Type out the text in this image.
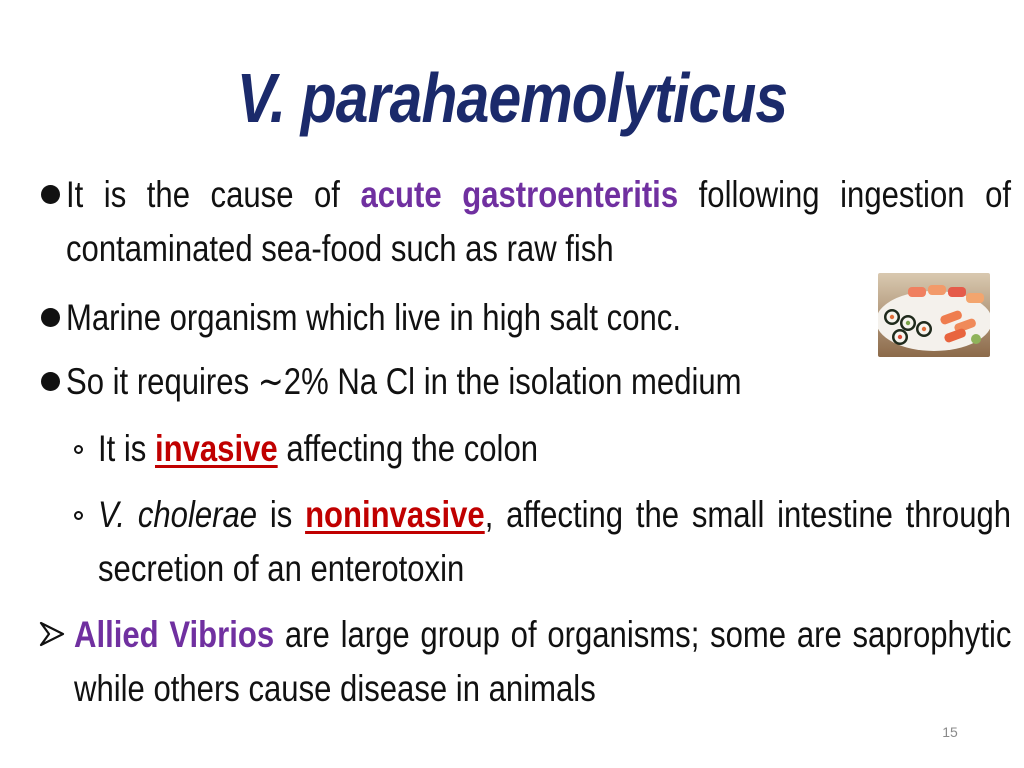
V. parahaemolyticus
It is the cause of acute gastroenteritis following ingestion of contaminated sea-food such as raw fish
Marine organism which live in high salt conc.
So it requires ∼2% Na Cl in the isolation medium
It is invasive affecting the colon
V. cholerae is noninvasive, affecting the small intestine through secretion of an enterotoxin
Allied Vibrios are large group of organisms; some are saprophytic while others cause disease in animals
15
